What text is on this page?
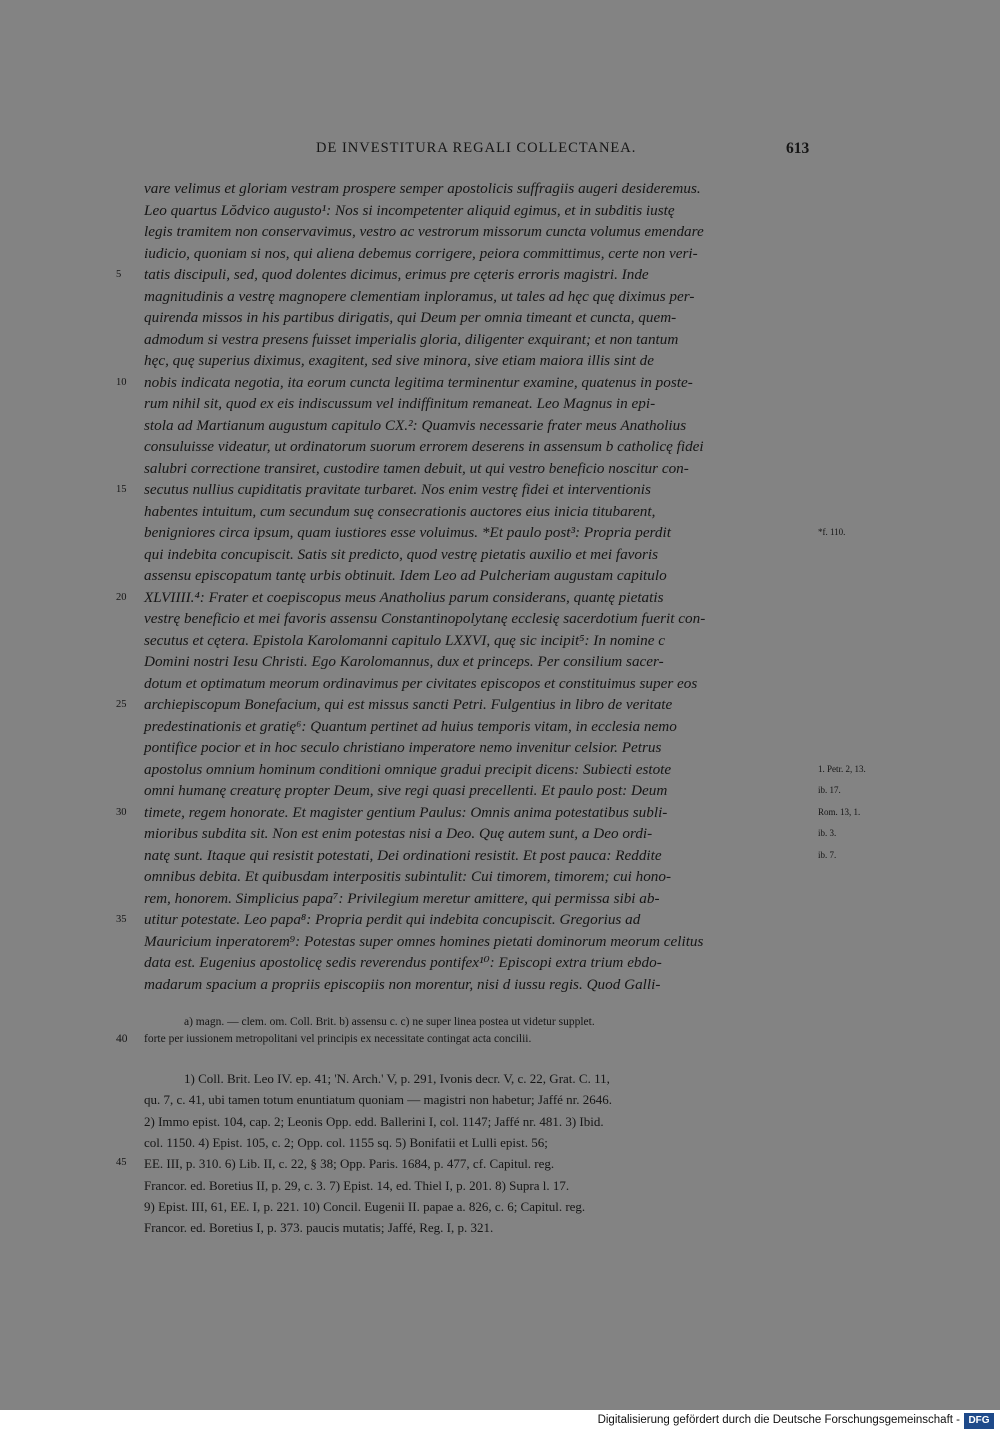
DE INVESTITURA REGALI COLLECTANEA.	613
vare velimus et gloriam vestram prospere semper apostolicis suffragiis augeri desideremus.
Leo quartus Lŏdvico augusto¹: Nos si incompetenter aliquid egimus, et in subditis iustę
legis tramitem non conservavimus, vestro ac vestrorum missorum cuncta volumus emendare
iudicio, quoniam si nos, qui aliena debemus corrigere, peiora committimus, certe non veri-
tatis discipuli, sed, quod dolentes dicimus, erimus pre cęteris erroris magistri. Inde
magnitudinis a vestrę magnopere clementiam inploramus, ut tales ad hęc quę diximus per-
quirenda missos in his partibus dirigatis, qui Deum per omnia timeant et cuncta, quem-
admodum si vestra presens fuisset imperialis gloria, diligenter exquirant; et non tantum
hęc, quę superius diximus, exagitent, sed sive minora, sive etiam maiora illis sint de
nobis indicata negotia, ita eorum cuncta legitima terminentur examine, quatenus in poste-
rum nihil sit, quod ex eis indiscussum vel indiffinitum remaneat. Leo Magnus in epi-
stola ad Martianum augustum capitulo CX.²: Quamvis necessarie frater meus Anatholius
consuluisse videatur, ut ordinatorum suorum errorem deserens in assensum b catholicę fidei
salubri correctione transiret, custodire tamen debuit, ut qui vestro beneficio noscitur con-
secutus nullius cupiditatis pravitate turbaret. Nos enim vestrę fidei et interventionis
habentes intuitum, cum secundum suę consecrationis auctores eius inicia titubarent,
benigniores circa ipsum, quam iustiores esse voluimus. *Et paulo post³: Propria perdit
qui indebita concupiscit. Satis sit predicto, quod vestrę pietatis auxilio et mei favoris
assensu episcopatum tantę urbis obtinuit. Idem Leo ad Pulcheriam augustam capitulo
XLVIIII.⁴: Frater et coepiscopus meus Anatholius parum considerans, quantę pietatis
vestrę beneficio et mei favoris assensu Constantinopolytanę ecclesię sacerdotium fuerit con-
secutus et cętera. Epistola Karolomanni capitulo LXXVI, quę sic incipit⁵: In nomine c
Domini nostri Iesu Christi. Ego Karolomannus, dux et princeps. Per consilium sacer-
dotum et optimatum meorum ordinavimus per civitates episcopos et constituimus super eos
archiepiscopum Bonefacium, qui est missus sancti Petri. Fulgentius in libro de veritate
predestinationis et gratię⁶: Quantum pertinet ad huius temporis vitam, in ecclesia nemo
pontifice pocior et in hoc seculo christiano imperatore nemo invenitur celsior. Petrus
apostolus omnium hominum conditioni omnique gradui precipit dicens: Subiecti estote
omni humanę creaturę propter Deum, sive regi quasi precellenti. Et paulo post: Deum
timete, regem honorate. Et magister gentium Paulus: Omnis anima potestatibus subli-
mioribus subdita sit. Non est enim potestas nisi a Deo. Quę autem sunt, a Deo ordi-
natę sunt. Itaque qui resistit potestati, Dei ordinationi resistit. Et post pauca: Reddite
omnibus debita. Et quibusdam interpositis subintulit: Cui timorem, timorem; cui hono-
rem, honorem. Simplicius papa⁷: Privilegium meretur amittere, qui permissa sibi ab-
utitur potestate. Leo papa⁸: Propria perdit qui indebita concupiscit. Gregorius ad
Mauricium inperatorem⁹: Potestas super omnes homines pietati dominorum meorum celitus
data est. Eugenius apostolicę sedis reverendus pontifex¹⁰: Episcopi extra trium ebdo-
madarum spacium a propriis episcopiis non morentur, nisi d iussu regis. Quod Galli-
5
10
15
20
25
30
35
*f. 110.
1. Petr. 2, 13.
ib. 17.
Rom. 13, 1.
ib. 3.
ib. 7.
a) magn. — clem. om. Coll. Brit. b) assensu c. c) ne super linea postea ut videtur supplet.
40 forte per iussionem metropolitani vel principis ex necessitate contingat acta concilii.
1) Coll. Brit. Leo IV. ep. 41; 'N. Arch.' V, p. 291, Ivonis decr. V, c. 22, Grat. C. 11,
qu. 7, c. 41, ubi tamen totum enuntiatum quoniam — magistri non habetur; Jaffé nr. 2646.
2) Immo epist. 104, cap. 2; Leonis Opp. edd. Ballerini I, col. 1147; Jaffé nr. 481. 3) Ibid.
col. 1150. 4) Epist. 105, c. 2; Opp. col. 1155 sq. 5) Bonifatii et Lulli epist. 56;
EE. III, p. 310. 6) Lib. II, c. 22, § 38; Opp. Paris. 1684, p. 477, cf. Capitul. reg.
Francor. ed. Boretius II, p. 29, c. 3. 7) Epist. 14, ed. Thiel I, p. 201. 8) Supra l. 17.
9) Epist. III, 61, EE. I, p. 221. 10) Concil. Eugenii II. papae a. 826, c. 6; Capitul. reg.
Francor. ed. Boretius I, p. 373. paucis mutatis; Jaffé, Reg. I, p. 321.
45
Digitalisierung gefördert durch die Deutsche Forschungsgemeinschaft - DFG
